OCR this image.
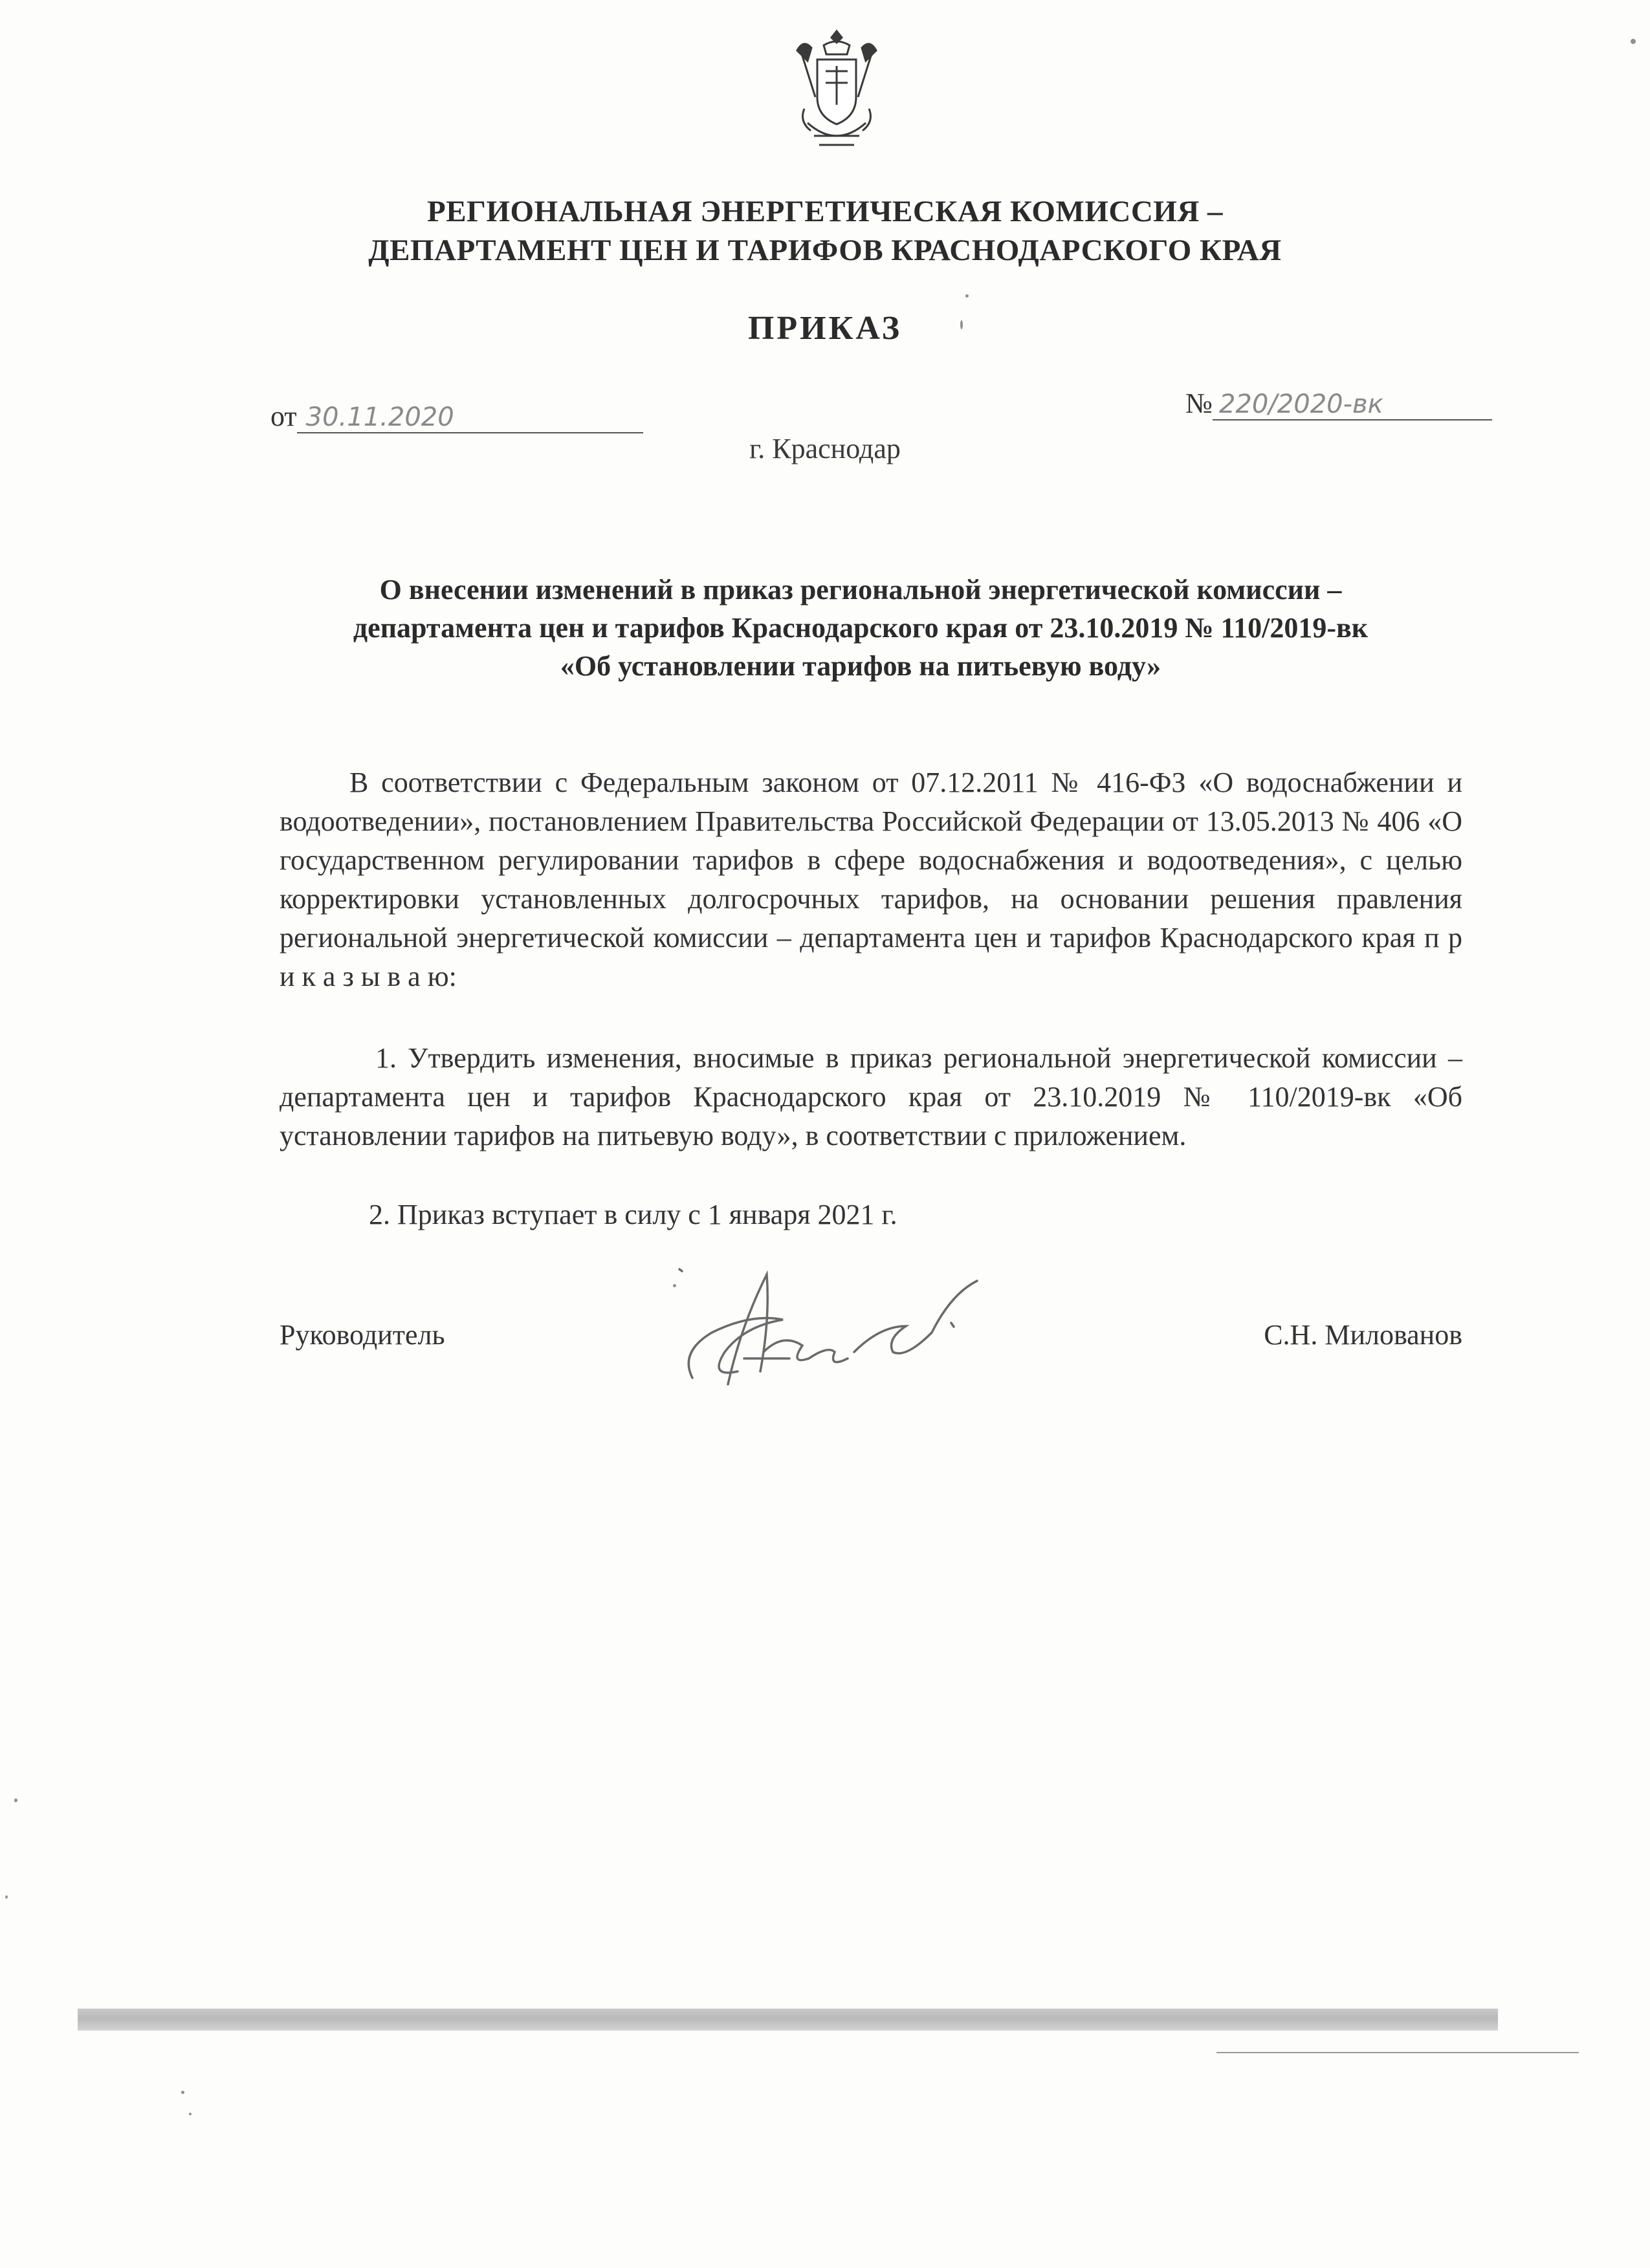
РЕГИОНАЛЬНАЯ ЭНЕРГЕТИЧЕСКАЯ КОМИССИЯ –
ДЕПАРТАМЕНТ ЦЕН И ТАРИФОВ КРАСНОДАРСКОГО КРАЯ
ПРИКАЗ
от 30.11.2020	№ 220/2020-вк
г. Краснодар
О внесении изменений в приказ региональной энергетической комиссии – департамента цен и тарифов Краснодарского края от 23.10.2019 № 110/2019-вк «Об установлении тарифов на питьевую воду»
В соответствии с Федеральным законом от 07.12.2011 № 416-ФЗ «О водоснабжении и водоотведении», постановлением Правительства Российской Федерации от 13.05.2013 № 406 «О государственном регулировании тарифов в сфере водоснабжения и водоотведения», с целью корректировки установленных долгосрочных тарифов, на основании решения правления региональной энергетической комиссии – департамента цен и тарифов Краснодарского края п р и к а з ы в а ю:
1. Утвердить изменения, вносимые в приказ региональной энергетической комиссии – департамента цен и тарифов Краснодарского края от 23.10.2019 № 110/2019-вк «Об установлении тарифов на питьевую воду», в соответствии с приложением.
2. Приказ вступает в силу с 1 января 2021 г.
Руководитель	С.Н. Милованов
